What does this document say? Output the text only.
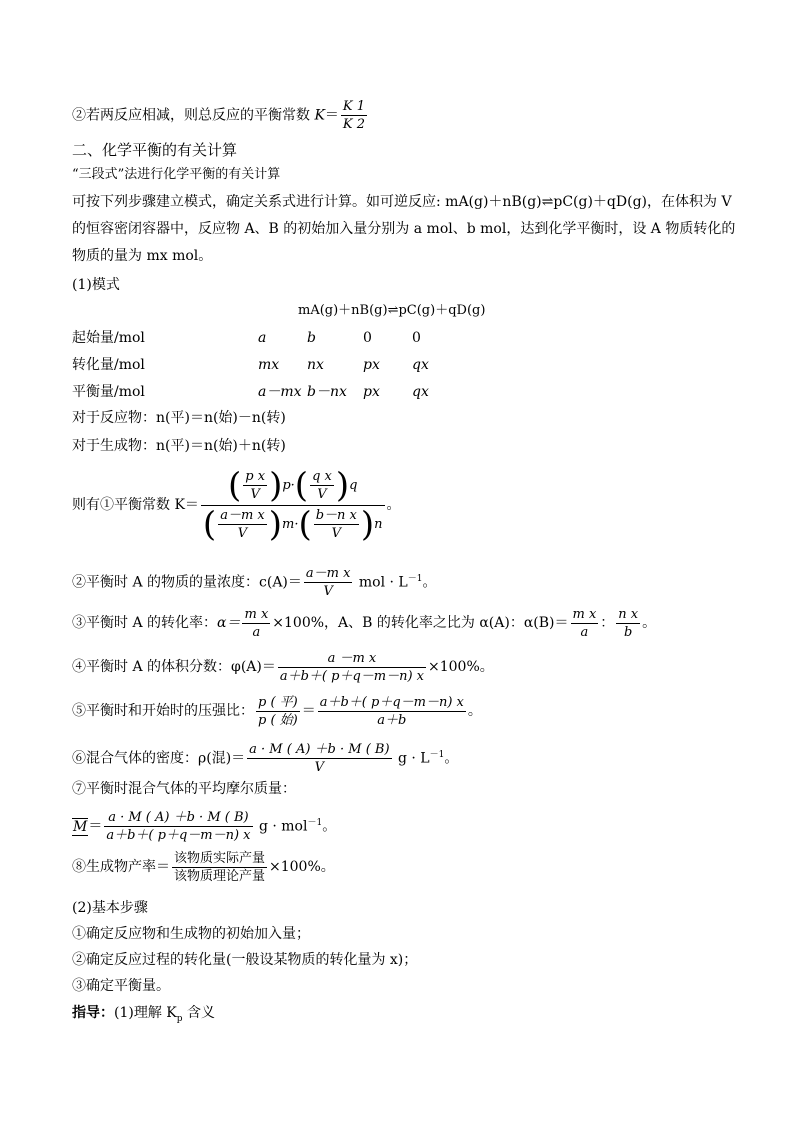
②若两反应相减，则总反应的平衡常数 $K= \frac{K 1}{K 2}$
二、化学平衡的有关计算
“三段式”法进行化学平衡的有关计算
可按下列步骤建立模式，确定关系式进行计算。如可逆反应: mA(g)＋nB(g)⇌pC(g)＋qD(g)，在体积为 V
的恒容密闭容器中，反应物 A、B 的初始加入量分别为 a mol、b mol，达到化学平衡时，设 A 物质转化的
物质的量为 mx mol。
(1)模式
mA(g)＋nB(g)⇌pC(g)＋qD(g)
起始量/mol	a	b	0	0
转化量/mol	mx nx	px qx
平衡量/mol	a－mx b－nx px qx
对于反应物：n(平)＝n(始)－n(转)
对于生成物：n(平)＝n(始)＋n(转)
则有①平衡常数 $K= \frac{( \frac{\text{p x}}{V} )p\cdot( \frac{\text{q x}}{V} )q}{( \frac{\text{a－m x}}{V} )m\cdot( \frac{\text{b－n x}}{V} )n}$ 。
②平衡时 A 的物质的量浓度：$c(A)= \frac{\text{a－m x}}{V}$ mol · $L^{-1}$。
③平衡时 A 的转化率：$\alpha= \frac{\text{m x}}{a} \times 100\%$，A、B 的转化率之比为 α(A)：$\alpha(B)= \frac{\text{m x}}{a}$ ： $\frac{\text{n x}}{b}$ 。
④平衡时 A 的体积分数：$\varphi(A)= \frac{\text{a －m x}}{a+b+( p+q-m-n) x} \times 100\%$。
⑤平衡时和开始时的压强比： $\frac{\text{p ( 平)}}{\text{p ( 始)}} = \frac{a+b+( p+q-m-n) x}{a+b}$ 。
⑥混合气体的密度：ρ(混)＝ $\frac{a \cdot M ( A) +b \cdot M ( B)}{V}$ $g \cdot L^{-1}$。
⑦平衡时混合气体的平均摩尔质量：
$M= \frac{a \cdot M ( A) +b \cdot M ( B)}{a+b+( p+q-m-n) x}$ g · mol$^{-1}$。
⑧生成物产率＝ $\frac{\text{该物质实际产量}}{\text{该物质理论产量}} \times 100\%$。
(2)基本步骤
①确定反应物和生成物的初始加入量；
②确定反应过程的转化量(一般设某物质的转化量为 x)；
③确定平衡量。
指导：(1)理解 $K_p$ 含义
